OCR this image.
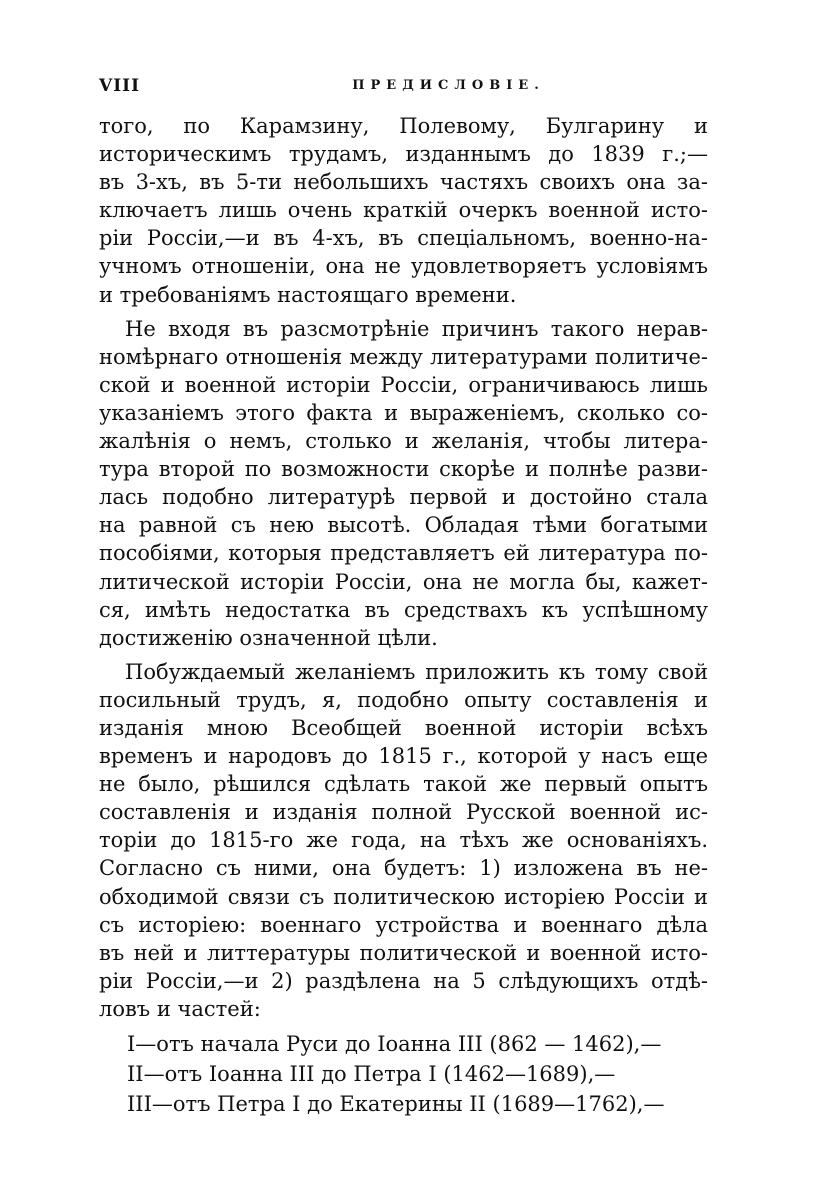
VIII	ПРЕДИСЛОВІЕ.
того, по Карамзину, Полевому, Булгарину и
историческимъ трудамъ, изданнымъ до 1839 г.;—
въ 3-хъ, въ 5-ти небольшихъ частяхъ своихъ она за-
ключаетъ лишь очень краткій очеркъ военной исто-
ріи Россіи,—и въ 4-хъ, въ спеціальномъ, военно-на-
учномъ отношеніи, она не удовлетворяетъ условіямъ
и требованіямъ настоящаго времени.
Не входя въ разсмотрѣніе причинъ такого нерав-
номѣрнаго отношенія между литературами политиче-
ской и военной исторіи Россіи, ограничиваюсь лишь
указаніемъ этого факта и выраженіемъ, сколько со-
жалѣнія о немъ, столько и желанія, чтобы литера-
тура второй по возможности скорѣе и полнѣе разви-
лась подобно литературѣ первой и достойно стала
на равной съ нею высотѣ. Обладая тѣми богатыми
пособіями, которыя представляетъ ей литература по-
литической исторіи Россіи, она не могла бы, кажет-
ся, имѣть недостатка въ средствахъ къ успѣшному
достиженію означенной цѣли.
Побуждаемый желаніемъ приложить къ тому свой
посильный трудъ, я, подобно опыту составленія и
изданія мною Всеобщей военной исторіи всѣхъ
временъ и народовъ до 1815 г., которой у насъ еще
не было, рѣшился сдѣлать такой же первый опытъ
составленія и изданія полной Русской военной ис-
торіи до 1815-го же года, на тѣхъ же основаніяхъ.
Согласно съ ними, она будетъ: 1) изложена въ не-
обходимой связи съ политическою исторіею Россіи и
съ исторіею: военнаго устройства и военнаго дѣла
въ ней и литтературы политической и военной исто-
ріи Россіи,—и 2) раздѣлена на 5 слѣдующихъ отдѣ-
ловъ и частей:
I—отъ начала Руси до Іоанна III (862 — 1462),—
II—отъ Іоанна III до Петра I (1462—1689),—
III—отъ Петра I до Екатерины II (1689—1762),—
